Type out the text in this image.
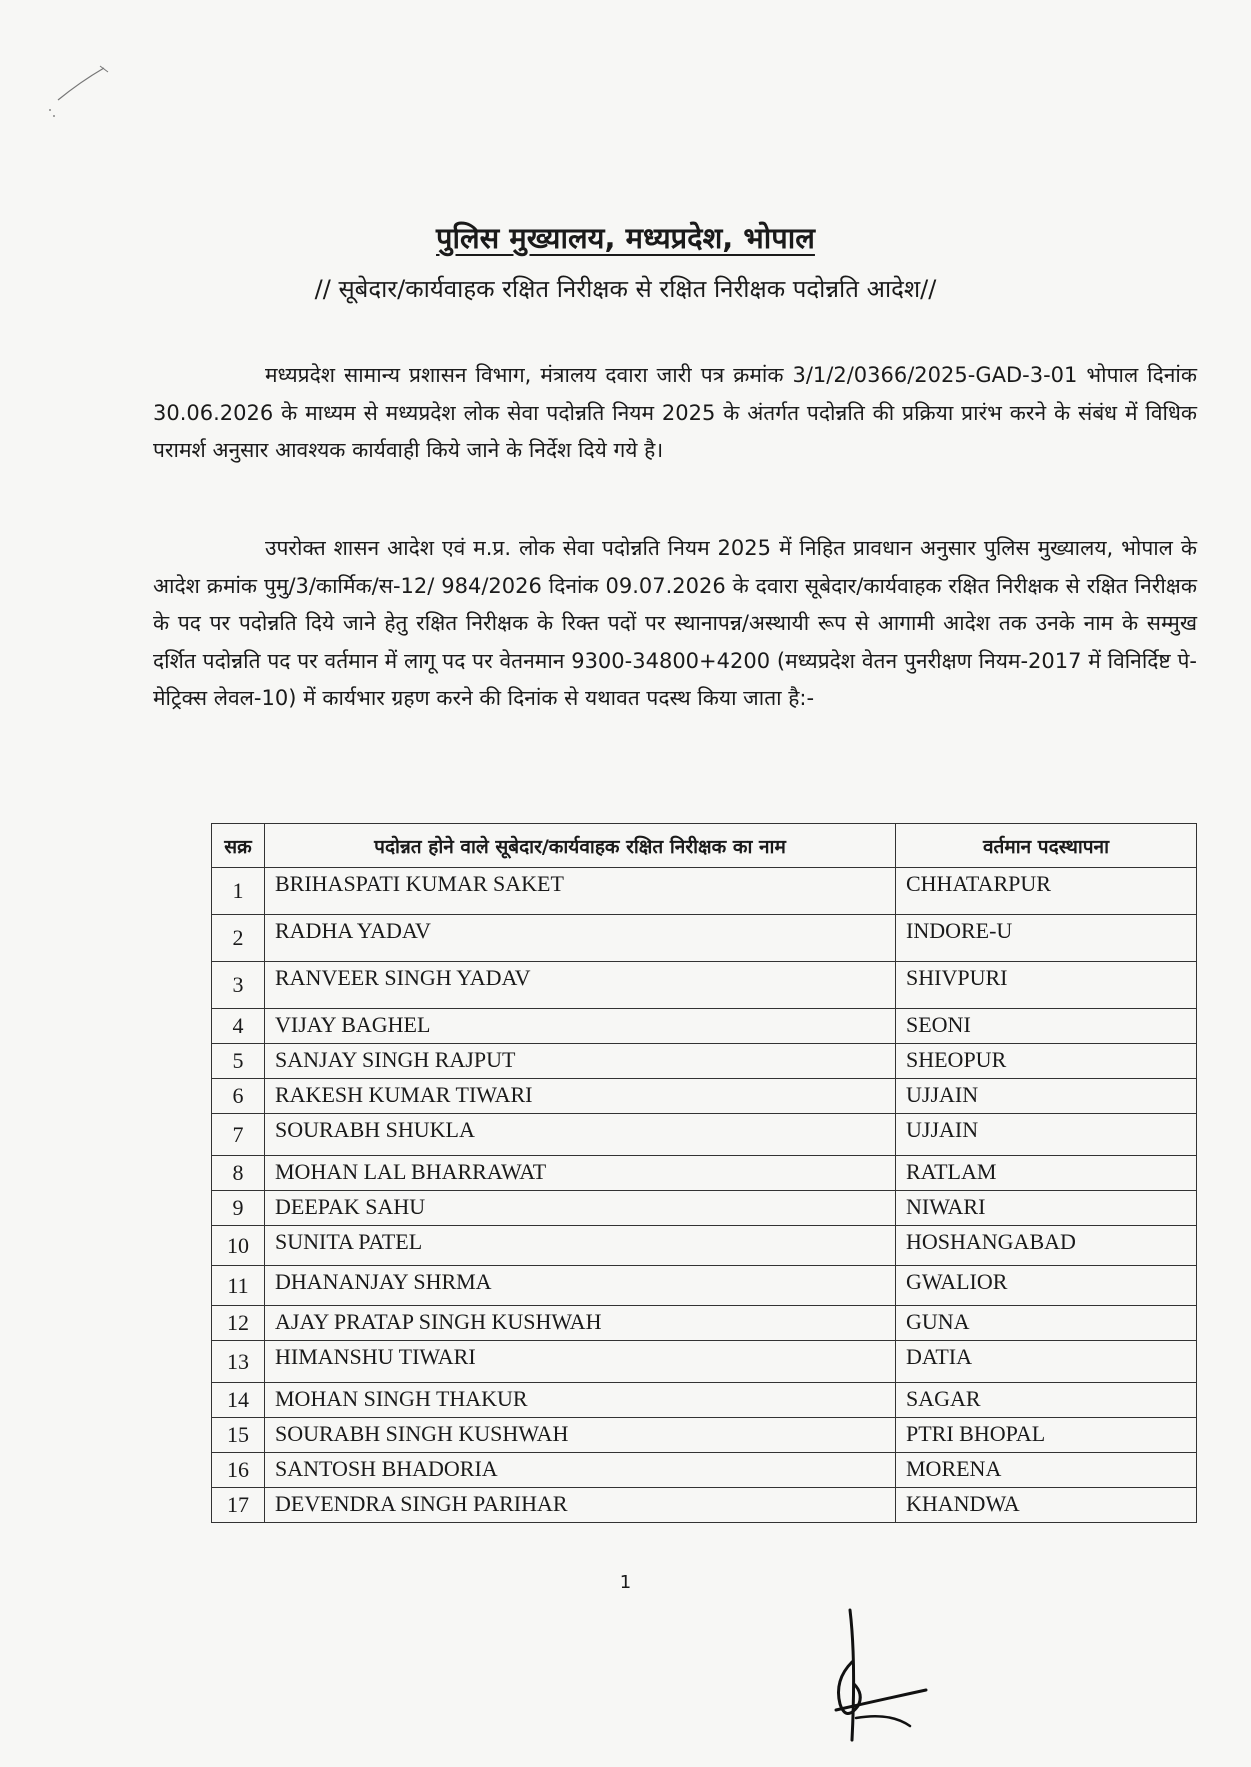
पुलिस मुख्यालय, मध्यप्रदेश, भोपाल
// सूबेदार/कार्यवाहक रक्षित निरीक्षक से रक्षित निरीक्षक पदोन्नति आदेश//

मध्यप्रदेश सामान्य प्रशासन विभाग, मंत्रालय दवारा जारी पत्र क्रमांक 3/1/2/0366/2025-GAD-3-01 भोपाल दिनांक 30.06.2026 के माध्यम से मध्यप्रदेश लोक सेवा पदोन्नति नियम 2025 के अंतर्गत पदोन्नति की प्रक्रिया प्रारंभ करने के संबंध में विधिक परामर्श अनुसार आवश्यक कार्यवाही किये जाने के निर्देश दिये गये है।

उपरोक्त शासन आदेश एवं म.प्र. लोक सेवा पदोन्नति नियम 2025 में निहित प्रावधान अनुसार पुलिस मुख्यालय, भोपाल के आदेश क्रमांक पुमु/3/कार्मिक/स-12/ 984/2026 दिनांक 09.07.2026 के दवारा सूबेदार/कार्यवाहक रक्षित निरीक्षक से रक्षित निरीक्षक के पद पर पदोन्नति दिये जाने हेतु रक्षित निरीक्षक के रिक्त पदों पर स्थानापन्न/अस्थायी रूप से आगामी आदेश तक उनके नाम के सम्मुख दर्शित पदोन्नति पद पर वर्तमान में लागू पद पर वेतनमान 9300-34800+4200 (मध्यप्रदेश वेतन पुनरीक्षण नियम-2017 में विनिर्दिष्ट पे-मेट्रिक्स लेवल-10) में कार्यभार ग्रहण करने की दिनांक से यथावत पदस्थ किया जाता है:-

सक्र	पदोन्नत होने वाले सूबेदार/कार्यवाहक रक्षित निरीक्षक का नाम	वर्तमान पदस्थापना
1	BRIHASPATI KUMAR SAKET	CHHATARPUR
2	RADHA YADAV	INDORE-U
3	RANVEER SINGH YADAV	SHIVPURI
4	VIJAY BAGHEL	SEONI
5	SANJAY SINGH RAJPUT	SHEOPUR
6	RAKESH KUMAR TIWARI	UJJAIN
7	SOURABH SHUKLA	UJJAIN
8	MOHAN LAL BHARRAWAT	RATLAM
9	DEEPAK SAHU	NIWARI
10	SUNITA PATEL	HOSHANGABAD
11	DHANANJAY SHRMA	GWALIOR
12	AJAY PRATAP SINGH KUSHWAH	GUNA
13	HIMANSHU TIWARI	DATIA
14	MOHAN SINGH THAKUR	SAGAR
15	SOURABH SINGH KUSHWAH	PTRI BHOPAL
16	SANTOSH BHADORIA	MORENA
17	DEVENDRA SINGH PARIHAR	KHANDWA
1
